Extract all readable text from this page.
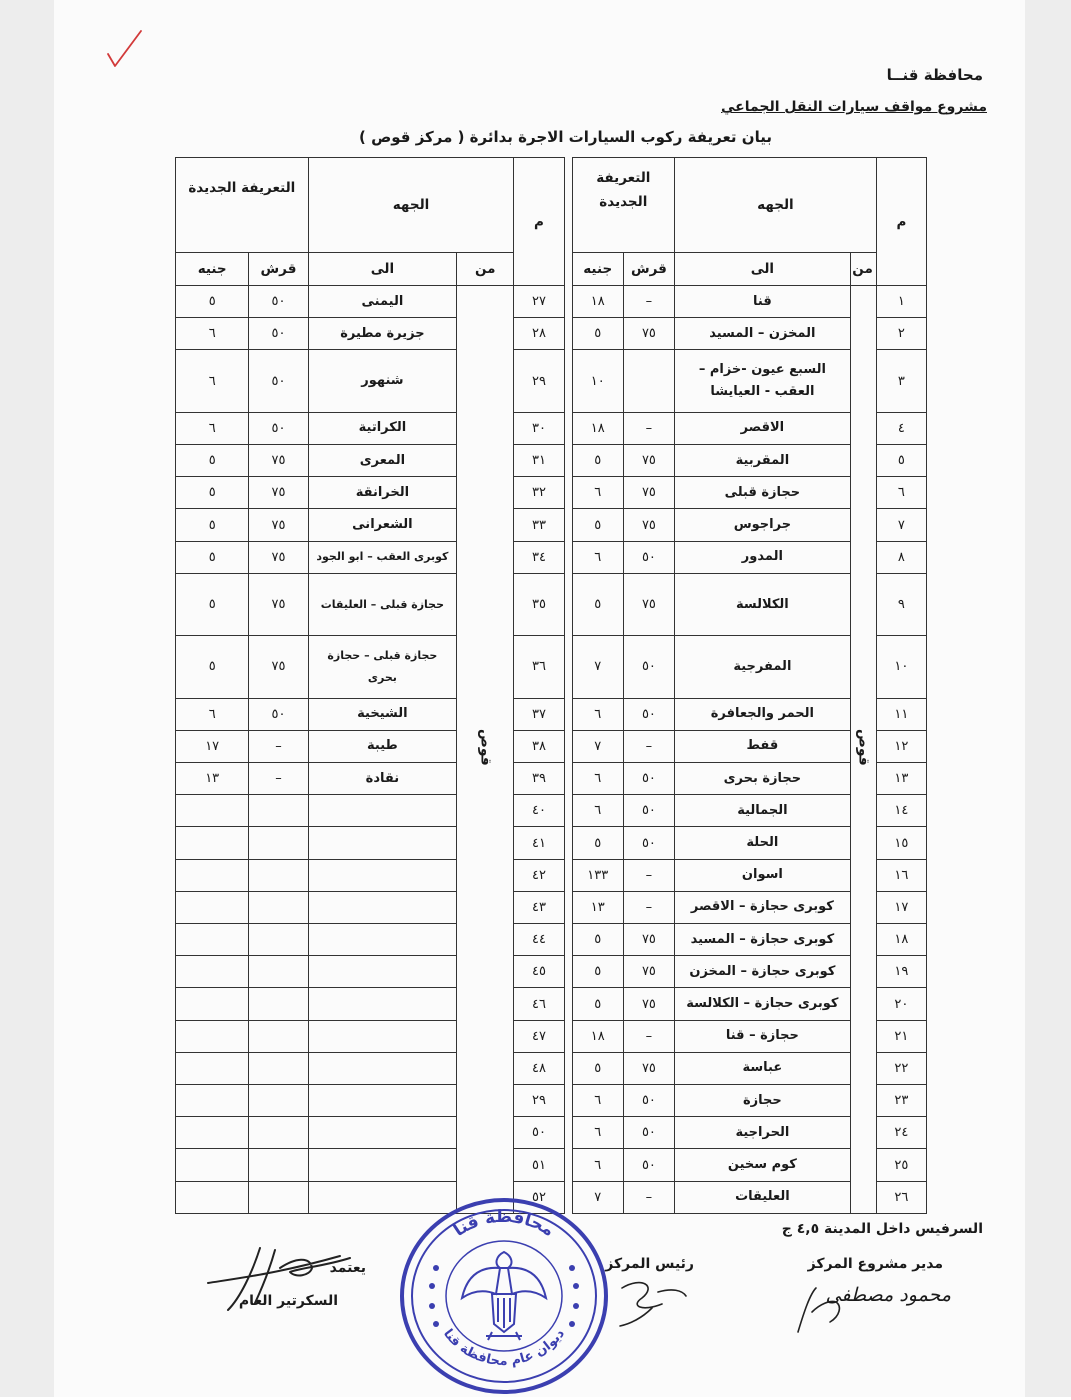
محافظة قنــا
مشروع مواقف سيارات النقل الجماعي
بيان تعريفة ركوب السيارات الاجرة بدائرة ( مركز قوص )
م	الجهه		التعريفة الجديدة			م	الجهه		التعريفة الجديدة	
	من	الى	قرش	جنيه			من	الى	قرش	جنيه
١	قوص	قنا	–	١٨		٢٧	قوص	اليمنى	٥٠	٥
٢		المخزن – المسيد	٧٥	٥		٢٨		جزيرة مطيرة	٥٠	٦
٣		السبع عيون -خزام – العقب - العيايشا		١٠		٢٩		شنهور	٥٠	٦
٤		الاقصر	–	١٨		٣٠		الكراتية	٥٠	٦
٥		المقربية	٧٥	٥		٣١		المعرى	٧٥	٥
٦		حجازة قبلى	٧٥	٦		٣٢		الخرانقة	٧٥	٥
٧		جراجوس	٧٥	٥		٣٣		الشعرانى	٧٥	٥
٨		المدور	٥٠	٦		٣٤		كوبرى العقب – ابو الجود	٧٥	٥
٩		الكلالسة	٧٥	٥		٣٥		حجازة قبلى – العليقات	٧٥	٥
١٠		المفرجية	٥٠	٧		٣٦		حجازة قبلى – حجازة بحرى	٧٥	٥
١١		الحمر والجعافرة	٥٠	٦		٣٧		الشيخية	٥٠	٦
١٢		قفط	–	٧		٣٨		طيبة	–	١٧
١٣		حجازة بحرى	٥٠	٦		٣٩		نقادة	–	١٣
١٤		الجمالية	٥٠	٦		٤٠				
١٥		الحلة	٥٠	٥		٤١				
١٦		اسوان	–	١٣٣		٤٢				
١٧		كوبرى حجازة – الاقصر	–	١٣		٤٣				
١٨		كوبرى حجازة – المسيد	٧٥	٥		٤٤				
١٩		كوبرى حجازة – المخزن	٧٥	٥		٤٥				
٢٠		كوبرى حجازة – الكلالسة	٧٥	٥		٤٦				
٢١		حجازة – قنا	–	١٨		٤٧				
٢٢		عباسة	٧٥	٥		٤٨				
٢٣		حجازة	٥٠	٦		٢٩				
٢٤		الحراجية	٥٠	٦		٥٠				
٢٥		كوم سخين	٥٠	٦		٥١				
٢٦		العليقات	–	٧		٥٢				
السرفيس داخل المدينة ٤,٥ ج
مدير مشروع المركز
محمود مصطفى
رئيس المركز
يعتمد
السكرتير العام
محافظة قنا
ديوان عام محافظة قنا
